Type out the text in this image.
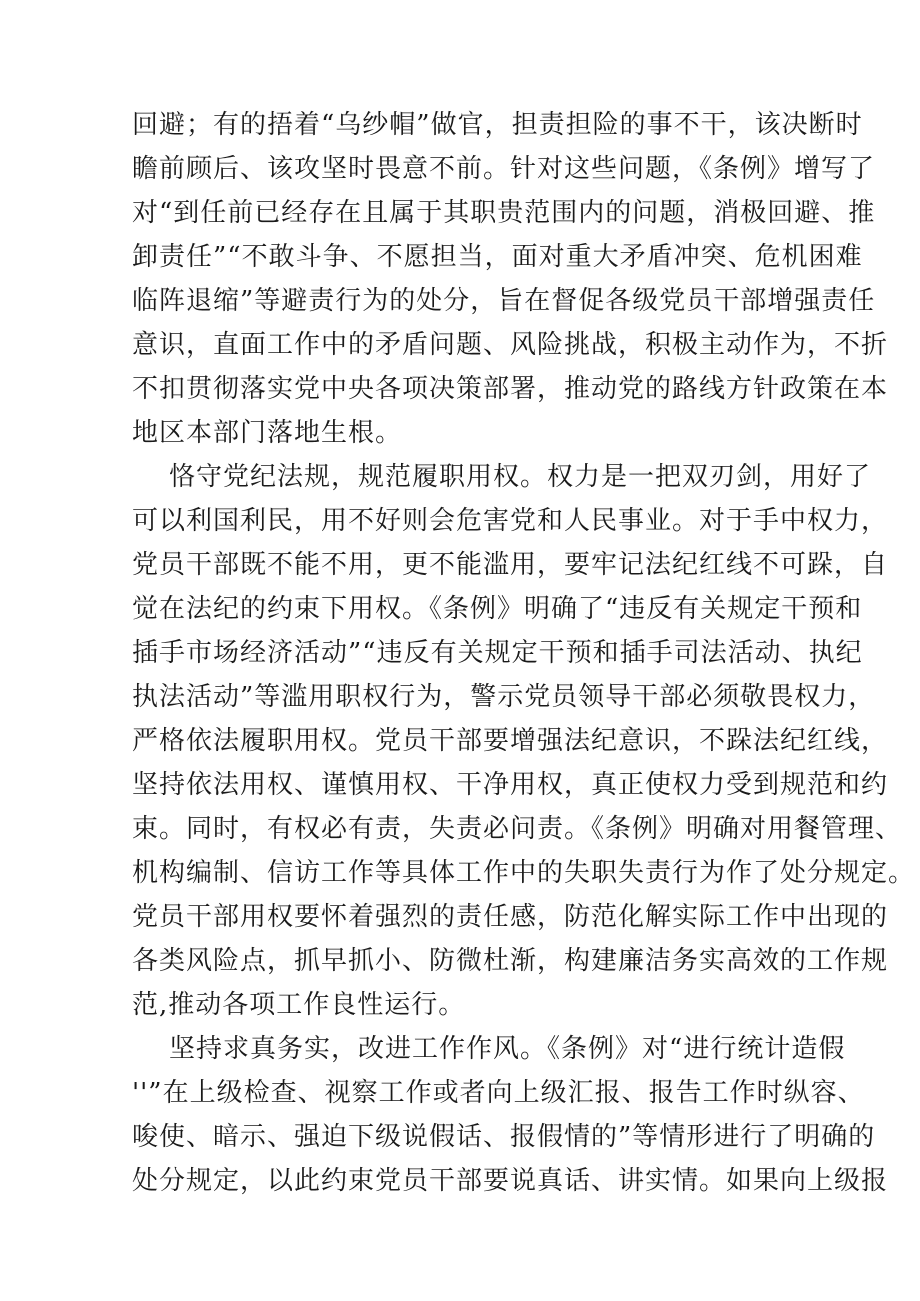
回避；有的捂着“乌纱帽”做官，担责担险的事不干，该决断时
瞻前顾后、该攻坚时畏意不前。针对这些问题，《条例》增写了
对“到任前已经存在且属于其职贵范围内的问题，消极回避、推
卸责任”“不敢斗争、不愿担当，面对重大矛盾冲突、危机困难
临阵退缩”等避责行为的处分，旨在督促各级党员干部增强责任
意识，直面工作中的矛盾问题、风险挑战，积极主动作为，不折
不扣贯彻落实党中央各项决策部署，推动党的路线方针政策在本
地区本部门落地生根。
恪守党纪法规，规范履职用权。权力是一把双刃剑，用好了
可以利国利民，用不好则会危害党和人民事业。对于手中权力，
党员干部既不能不用，更不能滥用，要牢记法纪红线不可跺，自
觉在法纪的约束下用权。《条例》明确了“违反有关规定干预和
插手市场经济活动”“违反有关规定干预和插手司法活动、执纪
执法活动”等滥用职权行为，警示党员领导干部必须敬畏权力，
严格依法履职用权。党员干部要增强法纪意识，不跺法纪红线，
坚持依法用权、谨慎用权、干净用权，真正使权力受到规范和约
束。同时，有权必有责，失责必问责。《条例》明确对用餐管理、
机构编制、信访工作等具体工作中的失职失责行为作了处分规定。
党员干部用权要怀着强烈的责任感，防范化解实际工作中出现的
各类风险点，抓早抓小、防微杜渐，构建廉洁务实高效的工作规
范,推动各项工作良性运行。
坚持求真务实，改进工作作风。《条例》对“进行统计造假
''”在上级检查、视察工作或者向上级汇报、报告工作时纵容、
唆使、暗示、强迫下级说假话、报假情的”等情形进行了明确的
处分规定，以此约束党员干部要说真话、讲实情。如果向上级报
